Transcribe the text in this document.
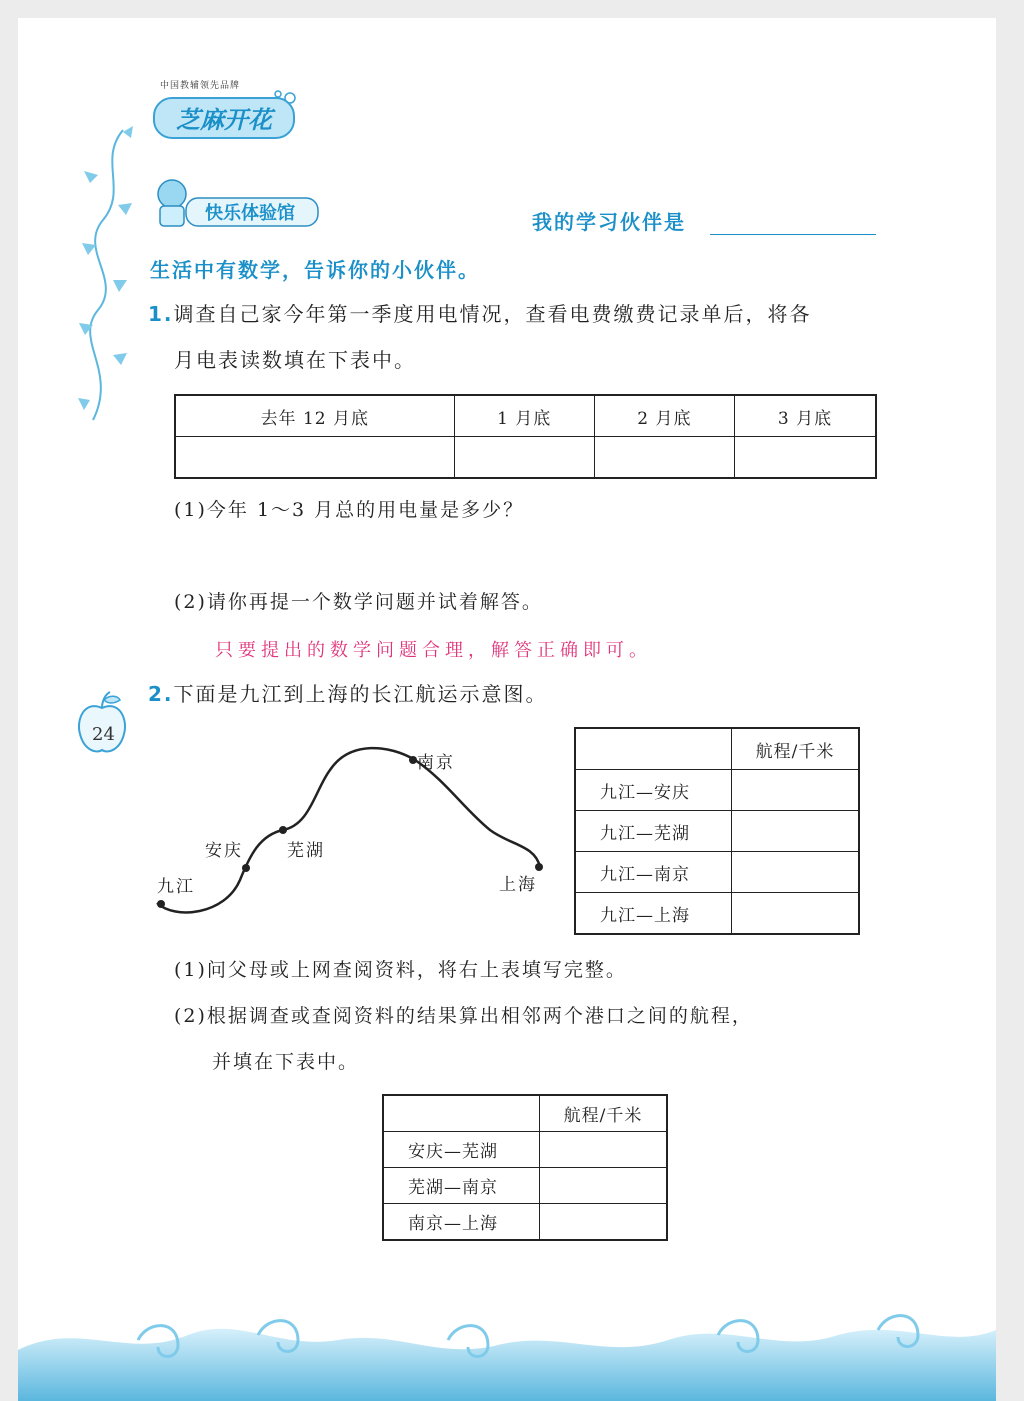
中国教辅领先品牌
芝麻开花
快乐体验馆	我的学习伙伴是
生活中有数学，告诉你的小伙伴。
1.调查自己家今年第一季度用电情况，查看电费缴费记录单后，将各
月电表读数填在下表中。
去年 12 月底	1 月底	2 月底	3 月底

(1)今年 1～3 月总的用电量是多少？
(2)请你再提一个数学问题并试着解答。
只要提出的数学问题合理，解答正确即可。
24
2.下面是九江到上海的长江航运示意图。
九江
安庆	芜湖
南京
上海
	航程/千米
九江—安庆	
九江—芜湖	
九江—南京	
九江—上海	
(1)问父母或上网查阅资料，将右上表填写完整。
(2)根据调查或查阅资料的结果算出相邻两个港口之间的航程，
并填在下表中。
	航程/千米
安庆—芜湖	
芜湖—南京	
南京—上海	
